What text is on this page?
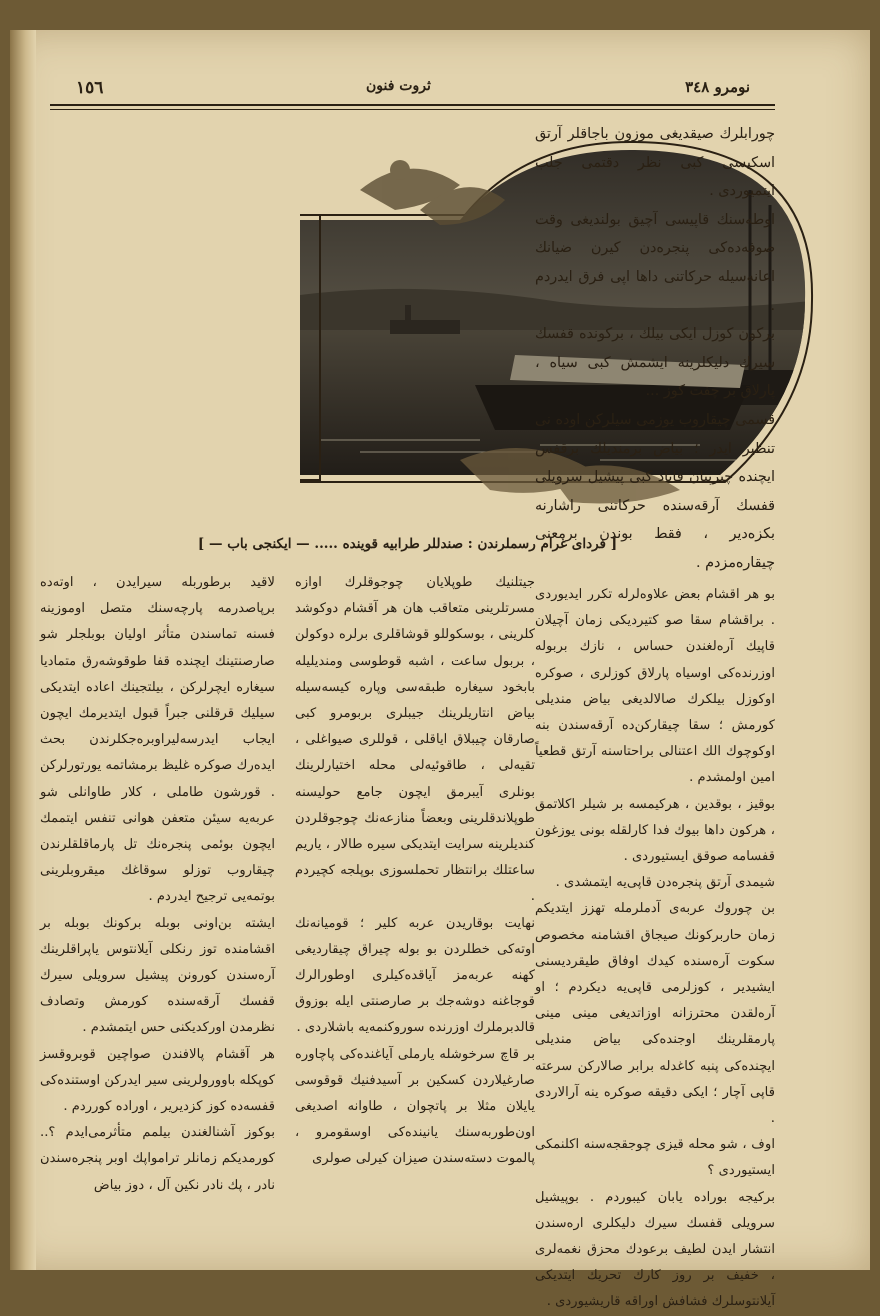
۱٥٦	ثروت فنون	نومرو ٣٤٨

چورابلرك صيقديغی موزون باجاقلر آرتق اسكيسی كبی نظر دقتمی جلب ايتميوردی .

اوطه‌سنك قاپيسی آچيق بولنديغی وقت صوفه‌ده‌كی پنجره‌دن كيرن ضيانك اعانه‌سيله حركاتنی داها اپی فرق ايدردم .

بركون كوزل ايكی بيلك ، بركونده قفسك سيرك دليكلرينه ايشمش كبی سياه ، پارلاق بر چفت كوز ...

قسمی چيقاروب يوزمی سيلركن اوده نی تنظير ايدر ؛ بياض برمنديلك برقفس ايچنده چيرپنان قاناد كبی پيشيل سرويلی قفسك آرقه‌سنده حركاتنی راشارنه بكزه‌دير ، فقط بوندن برمعنی چيقاره‌مزدم .

[ فردای غرام رسملرندن : صندللر طرابيه قوينده ..... — ايكنجی باب — ]

بو هر اقشام بعض علاوه‌لرله تكرر ايديوردی . براقشام سقا صو كتيرديكی زمان آچيلان قاپيك آره‌لغندن حساس ، نازك بربوله اوزرنده‌كی اوسياه پارلاق كوزلری ، صوكره اوكوزل بيلكرك صالالديغی بياض منديلی كورمش ؛ سقا چيقاركن‌ده آرقه‌سندن بنه اوكوچوك الك اعتنالی براحتاسنه آرتق قطعياً امين اولمشدم .

بوقيز ، بوقدين ، هركيمسه بر شيلر اكلاتمق ، هركون داها بيوك فدا كارلقله بونی يوزغون قفسامه صوقق ايستيوردی .

شيمدی آرتق پنجره‌دن قاپی‌يه ايتمشدی .

بن چوروك عربه‌ی آدملرمله تهزز ايتديكم زمان حاربركونك صيجاق اقشامنه مخصوص سكوت آره‌سنده كيدك اوفاق طيقرديسنی ايشيدير ، كوزلرمی قاپی‌يه ديكردم ؛ او آره‌لقدن محترزانه اوزاتديغی مينی مينی پارمقلرينك اوجنده‌كی بياض منديلی ايچنده‌كی پنبه كاغدله برابر صالاركن سرعته قاپی آچار ؛ ايكی دقيقه صوكره ينه آرالاردی .

اوف ، شو محله قيزی چوجقجه‌سنه اكلنمكی ايستيوردی ؟

بركيجه بوراده يابان كيبوردم . بوپيشيل سرويلی قفسك سيرك دليكلری اره‌سندن انتشار ايدن لطيف برعودك محزق نغمه‌لری ، خفيف بر روز كارك تحريك ايتديكی آيلانتوسلرك فشافش اوراقه قاريشيوردی .

جيتلنيك طوپلايان چوجوقلرك اوازه مسرتلرينی متعاقب هان هر آقشام دوكوشد كلرينی ، بوسكوللو قوشاقلری برلره دوكولن ، بربول ساعت ، اشبه قوطوسی ومنديليله بابخود سيغاره طبقه‌سی وپاره كيسه‌سيله بياض انتاريلرينك جيبلری بربومرو كبی صارقان چيبلاق اياقلی ، قوللری صيواغلی ، تقيه‌لی ، طاقوئيه‌لی محله اختيارلرينك بونلری آيبرمق ايچون جامع حوليسنه طوپلاندقلرينی وبعضاً منازعه‌نك چوجوقلردن كنديلرينه سرايت ايتديكی سيره طالار ، ياريم ساعتلك برانتظار تحملسوزی بوپلجه كچيردم .

نهايت بوقاريدن عربه كلير ؛ قوميانه‌نك اوته‌كی خطلردن بو بوله چيراق چيقارديغی كهنه عربه‌مز آياقده‌كيلری اوطورالرك قوجاغنه دوشه‌جك بر صارصنتی ايله بوزوق قالدبرملرك اوزرنده سوروكنمه‌يه باشلاردی .

بر قاچ سرخوشله يارملی آياغنده‌كی پاچاوره صارغيلاردن كسكين بر آسيدفنيك قوقوسی يايلان مثلا بر پاتچوان ، طاوانه اصديغی اون‌طوربه‌سنك يانينده‌كی اوسقومرو ، پالموت دسته‌سندن صيزان كيرلی صولری

لاقيد برطوربله سيرايدن ، اوته‌ده برپاصدرمه پارچه‌سنك متصل اوموزينه فسنه تماسندن متأثر اوليان بوبلجلر شو صارصنتينك ايچنده قفا طوقوشه‌رق متماديا سيغاره ايچرلركن ، بيلتجينك اعاده ايتديكی سيليك قرقلنی جبراً قبول ايتديرمك ايچون ايجاب ايدرسه‌ليراوبره‌جكلرندن بحث ايده‌رك صوكره غليظ برمشاتمه يورتورلركن . قورشون طاملی ، كلار طاوانلی شو عربه‌يه سيئن متعفن هوانی تنفس ايتممك ايچون بوئمی پنجره‌نك تل پارماقلقلرندن چيقاروب توزلو سوقاغك ميقروبلرينی بوتمه‌يی ترجيح ايدردم .

ايشته بن‌اونی بوبله بركونك بوبله بر اقشامنده توز رنكلی آيلانتوس ياپراقلرينك آره‌سندن كورونن پيشيل سرويلی سيرك قفسك آرقه‌سنده كورمش وتصادف نظرمدن اوركديكنی حس ايتمشدم .

هر آقشام پالافندن صواچين قوبروقسز كوپكله باوورولرينی سير ايدركن اوستنده‌كی قفسه‌ده كوز كزديرير ، اوراده كورردم .

بوكوز آشنالغندن بيلمم متأثرمی‌ايدم ؟.. كورمديكم زمانلر ترامواپك اوبر پنجره‌سندن نادر ، پك نادر نكين آل ، دوز بياض
